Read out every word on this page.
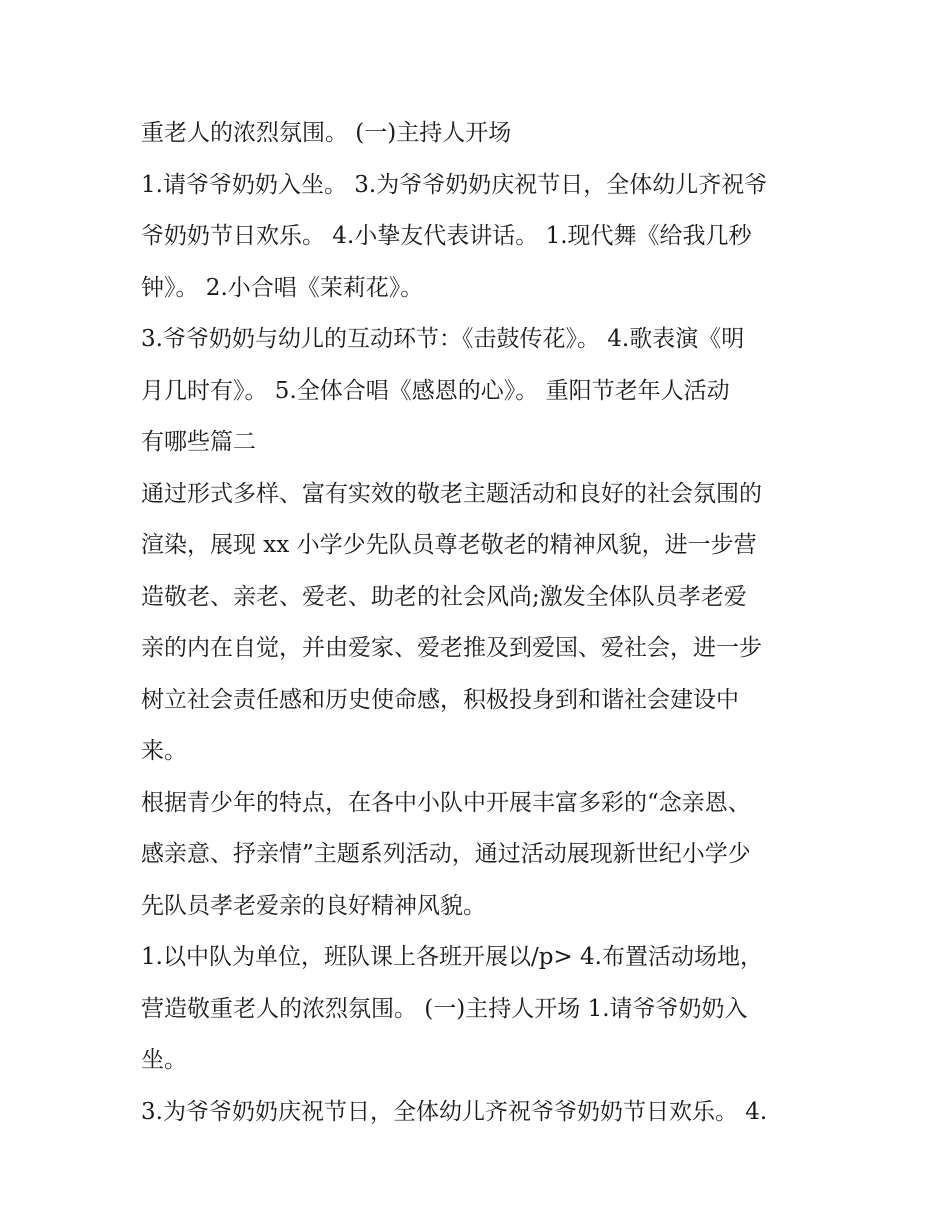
重老人的浓烈氛围。 (一)主持人开场

1.请爷爷奶奶入坐。 3.为爷爷奶奶庆祝节日，全体幼儿齐祝爷
爷奶奶节日欢乐。 4.小挚友代表讲话。 1.现代舞《给我几秒
钟》。 2.小合唱《茉莉花》。

3.爷爷奶奶与幼儿的互动环节：《击鼓传花》。 4.歌表演《明
月几时有》。 5.全体合唱《感恩的心》。 重阳节老年人活动
有哪些篇二

通过形式多样、富有实效的敬老主题活动和良好的社会氛围的
渲染，展现 xx 小学少先队员尊老敬老的精神风貌，进一步营
造敬老、亲老、爱老、助老的社会风尚;激发全体队员孝老爱
亲的内在自觉，并由爱家、爱老推及到爱国、爱社会，进一步
树立社会责任感和历史使命感，积极投身到和谐社会建设中
来。

根据青少年的特点，在各中小队中开展丰富多彩的“念亲恩、
感亲意、抒亲情”主题系列活动，通过活动展现新世纪小学少
先队员孝老爱亲的良好精神风貌。

1.以中队为单位，班队课上各班开展以/p> 4.布置活动场地，
营造敬重老人的浓烈氛围。 (一)主持人开场 1.请爷爷奶奶入
坐。

3.为爷爷奶奶庆祝节日，全体幼儿齐祝爷爷奶奶节日欢乐。 4.
